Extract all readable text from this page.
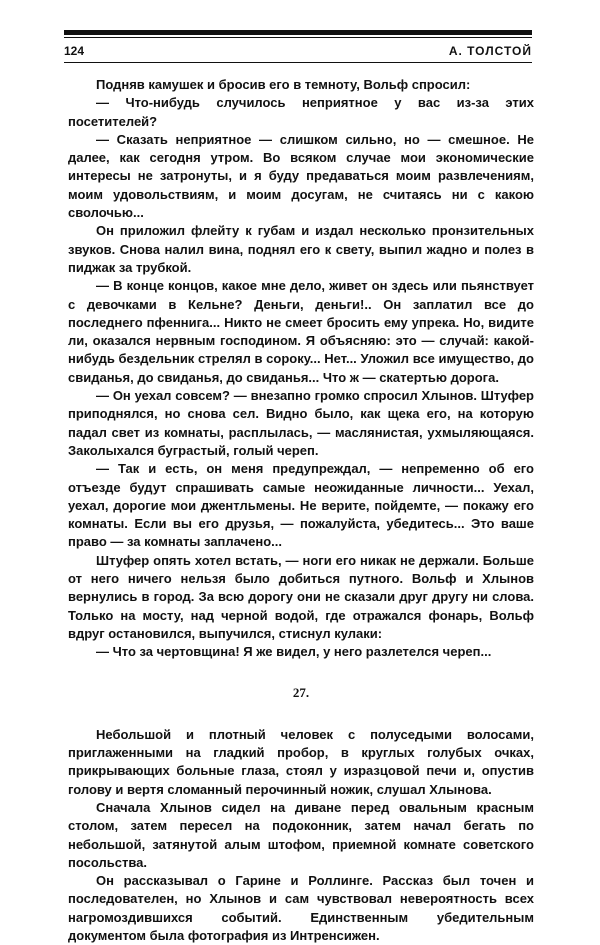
124	А. ТОЛСТОЙ

Подняв камушек и бросив его в темноту, Вольф спросил:

— Что-нибудь случилось неприятное у вас из-за этих посетителей?

— Сказать неприятное — слишком сильно, но — смешное. Не далее, как сегодня утром. Во всяком случае мои экономические интересы не затронуты, и я буду предаваться моим развлечениям, моим удовольствиям, и моим досугам, не считаясь ни с какою сволочью...

Он приложил флейту к губам и издал несколько пронзительных звуков. Снова налил вина, поднял его к свету, выпил жадно и полез в пиджак за трубкой.

— В конце концов, какое мне дело, живет он здесь или пьянствует с девочками в Кельне? Деньги, деньги!.. Он заплатил все до последнего пфеннига... Никто не смеет бросить ему упрека. Но, видите ли, оказался нервным господином. Я объясняю: это — случай: какой-нибудь бездельник стрелял в сороку... Нет... Уложил все имущество, до свиданья, до свиданья, до свиданья... Что ж — скатертью дорога.

— Он уехал совсем? — внезапно громко спросил Хлынов. Штуфер приподнялся, но снова сел. Видно было, как щека его, на которую падал свет из комнаты, расплылась, — маслянистая, ухмыляющаяся. Заколыхался буграстый, голый череп.

— Так и есть, он меня предупреждал, — непременно об его отъезде будут спрашивать самые неожиданные личности... Уехал, уехал, дорогие мои джентльмены. Не верите, пойдемте, — покажу его комнаты. Если вы его друзья, — пожалуйста, убедитесь... Это ваше право — за комнаты заплачено...

Штуфер опять хотел встать, — ноги его никак не держали. Больше от него ничего нельзя было добиться путного. Вольф и Хлынов вернулись в город. За всю дорогу они не сказали друг другу ни слова. Только на мосту, над черной водой, где отражался фонарь, Вольф вдруг остановился, выпучился, стиснул кулаки:

— Что за чертовщина! Я же видел, у него разлетелся череп...

27.

Небольшой и плотный человек с полуседыми волосами, приглаженными на гладкий пробор, в круглых голубых очках, прикрывающих больные глаза, стоял у изразцовой печи и, опустив голову и вертя сломанный перочинный ножик, слушал Хлынова.

Сначала Хлынов сидел на диване перед овальным красным столом, затем пересел на подоконник, затем начал бегать по небольшой, затянутой алым штофом, приемной комнате советского посольства.

Он рассказывал о Гарине и Роллинге. Рассказ был точен и последователен, но Хлынов и сам чувствовал невероятность всех нагромоздившихся событий. Единственным убедительным документом была фотография из Интренсижен.
